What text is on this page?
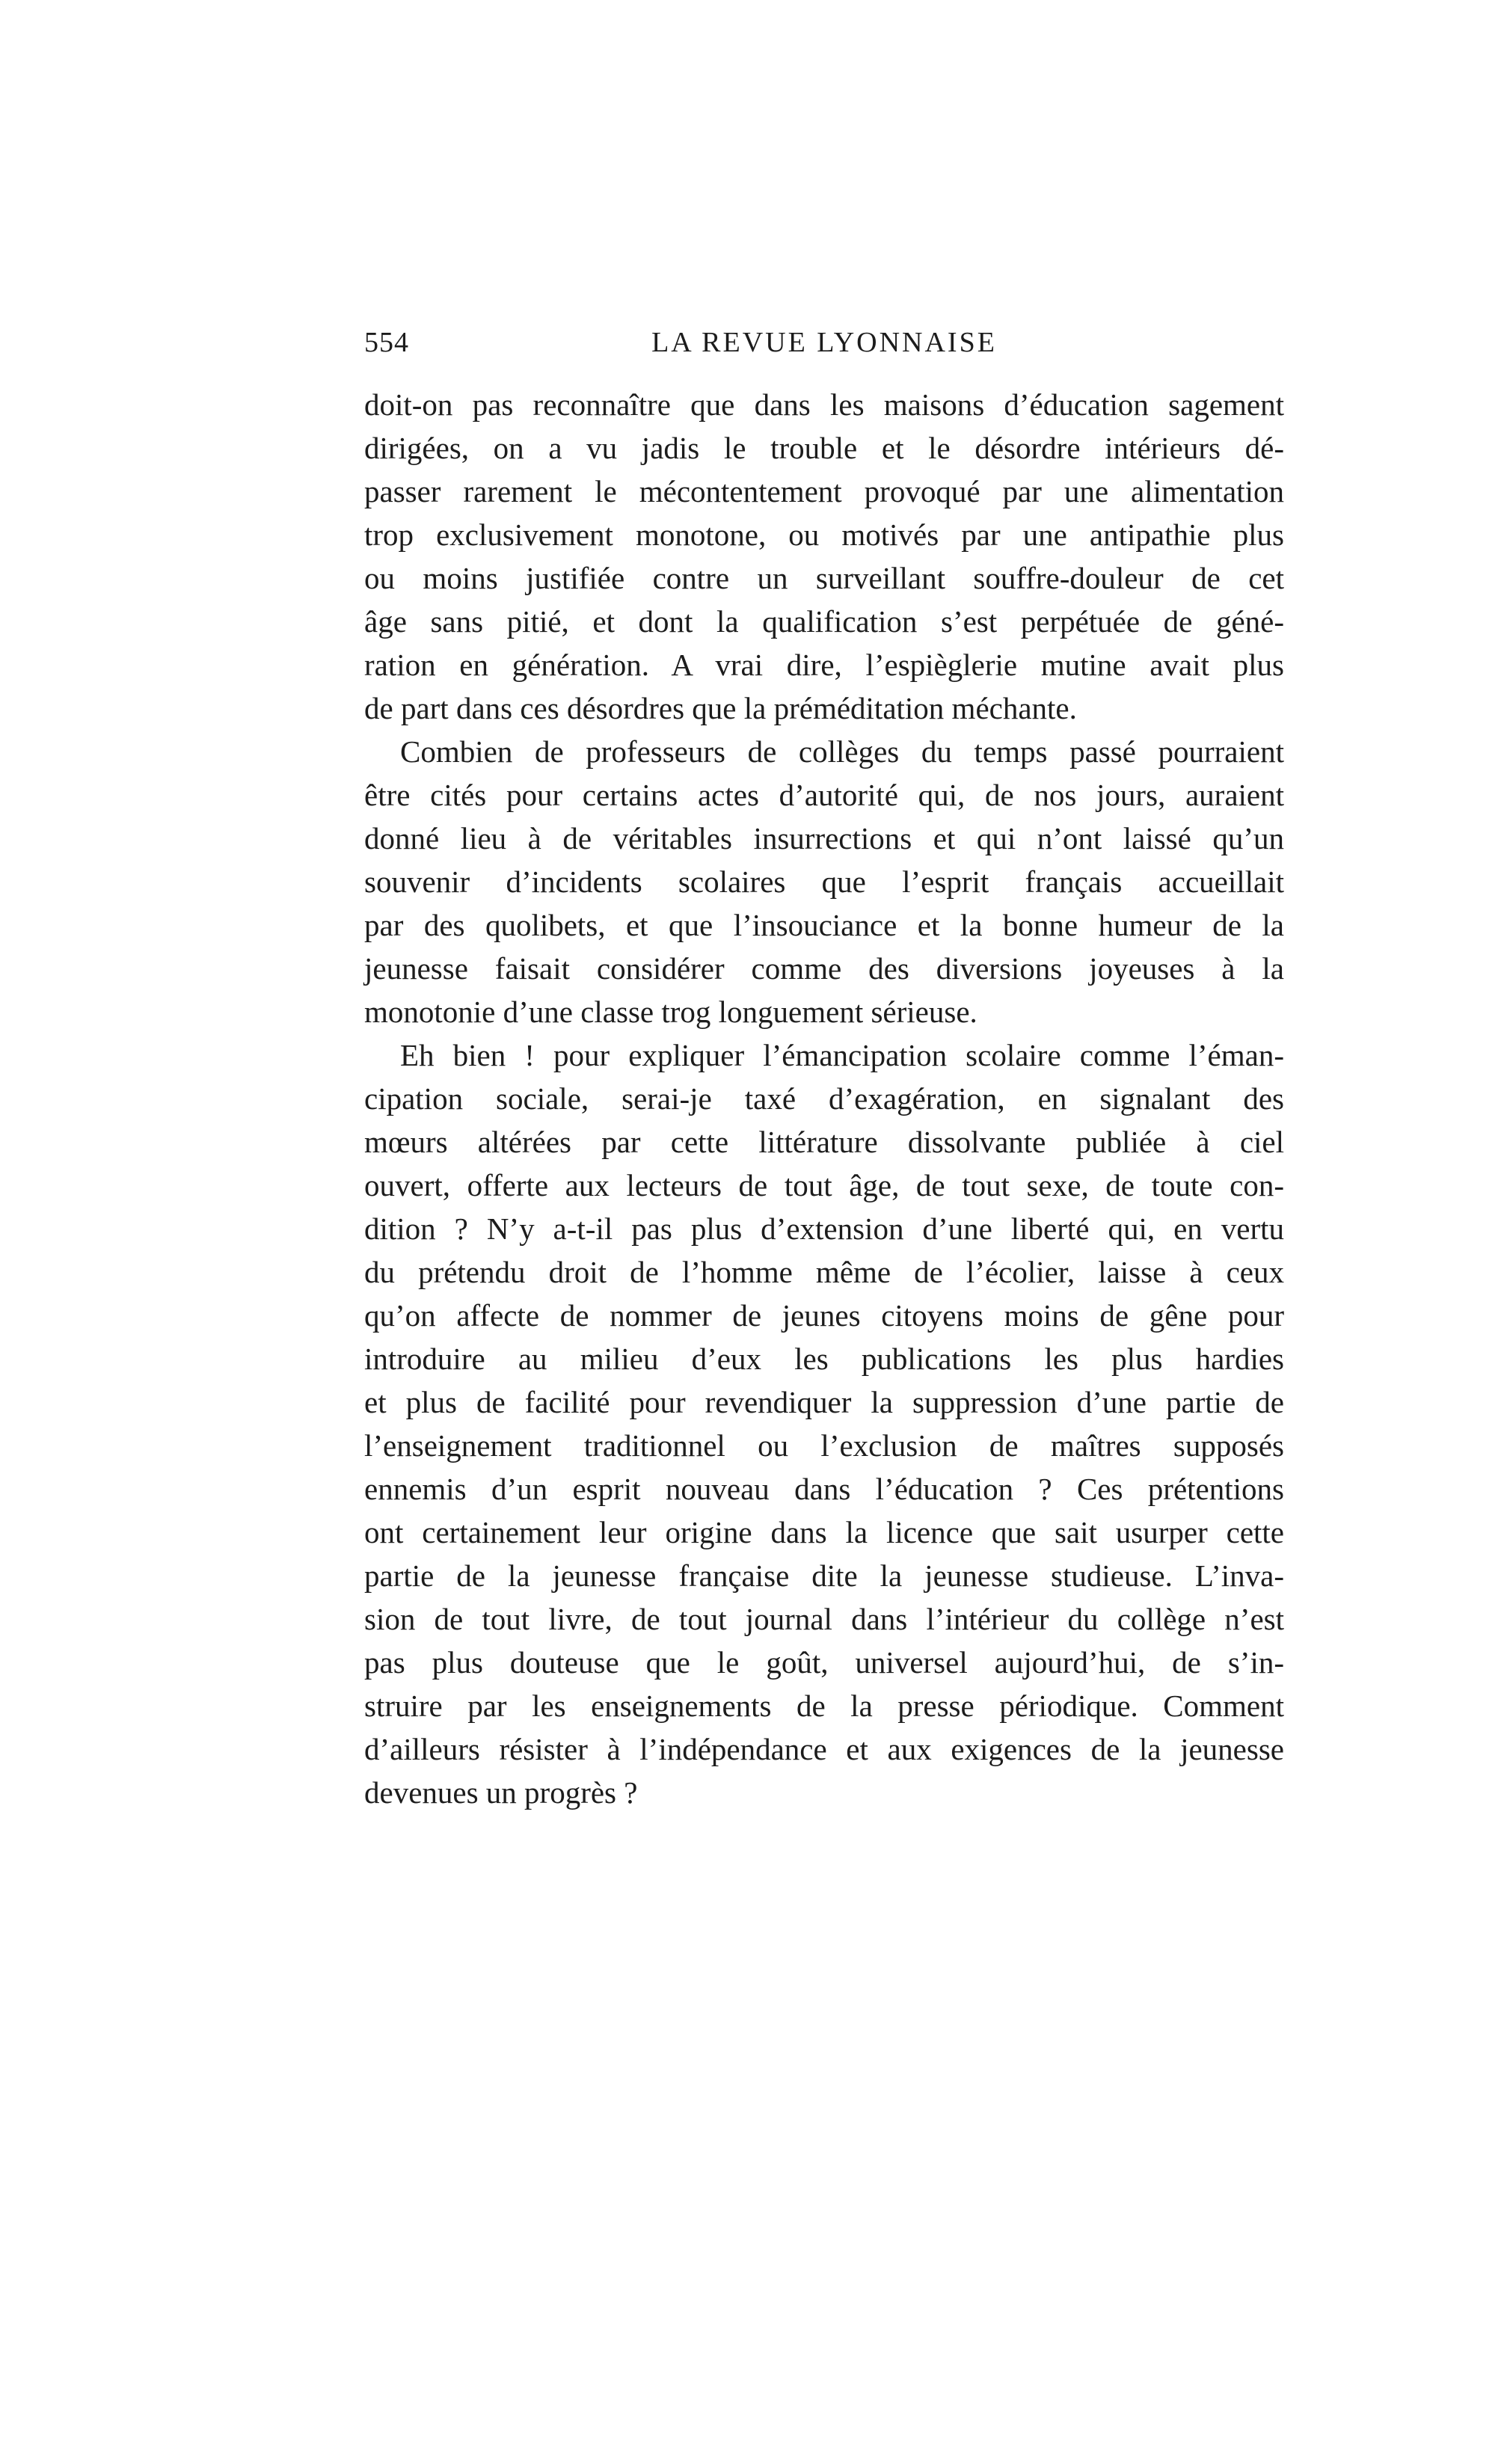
554	LA REVUE LYONNAISE
doit-on pas reconnaître que dans les maisons d’éducation sagement
dirigées, on a vu jadis le trouble et le désordre intérieurs dé-
passer rarement le mécontentement provoqué par une alimentation
trop exclusivement monotone, ou motivés par une antipathie plus
ou moins justifiée contre un surveillant souffre-douleur de cet
âge sans pitié, et dont la qualification s’est perpétuée de géné-
ration en génération. A vrai dire, l’espièglerie mutine avait plus
de part dans ces désordres que la préméditation méchante.
Combien de professeurs de collèges du temps passé pourraient
être cités pour certains actes d’autorité qui, de nos jours, auraient
donné lieu à de véritables insurrections et qui n’ont laissé qu’un
souvenir d’incidents scolaires que l’esprit français accueillait
par des quolibets, et que l’insouciance et la bonne humeur de la
jeunesse faisait considérer comme des diversions joyeuses à la
monotonie d’une classe trog longuement sérieuse.
Eh bien ! pour expliquer l’émancipation scolaire comme l’éman-
cipation sociale, serai-je taxé d’exagération, en signalant des
mœurs altérées par cette littérature dissolvante publiée à ciel
ouvert, offerte aux lecteurs de tout âge, de tout sexe, de toute con-
dition ? N’y a-t-il pas plus d’extension d’une liberté qui, en vertu
du prétendu droit de l’homme même de l’écolier, laisse à ceux
qu’on affecte de nommer de jeunes citoyens moins de gêne pour
introduire au milieu d’eux les publications les plus hardies
et plus de facilité pour revendiquer la suppression d’une partie de
l’enseignement traditionnel ou l’exclusion de maîtres supposés
ennemis d’un esprit nouveau dans l’éducation ? Ces prétentions
ont certainement leur origine dans la licence que sait usurper cette
partie de la jeunesse française dite la jeunesse studieuse. L’inva-
sion de tout livre, de tout journal dans l’intérieur du collège n’est
pas plus douteuse que le goût, universel aujourd’hui, de s’in-
struire par les enseignements de la presse périodique. Comment
d’ailleurs résister à l’indépendance et aux exigences de la jeunesse
devenues un progrès ?
